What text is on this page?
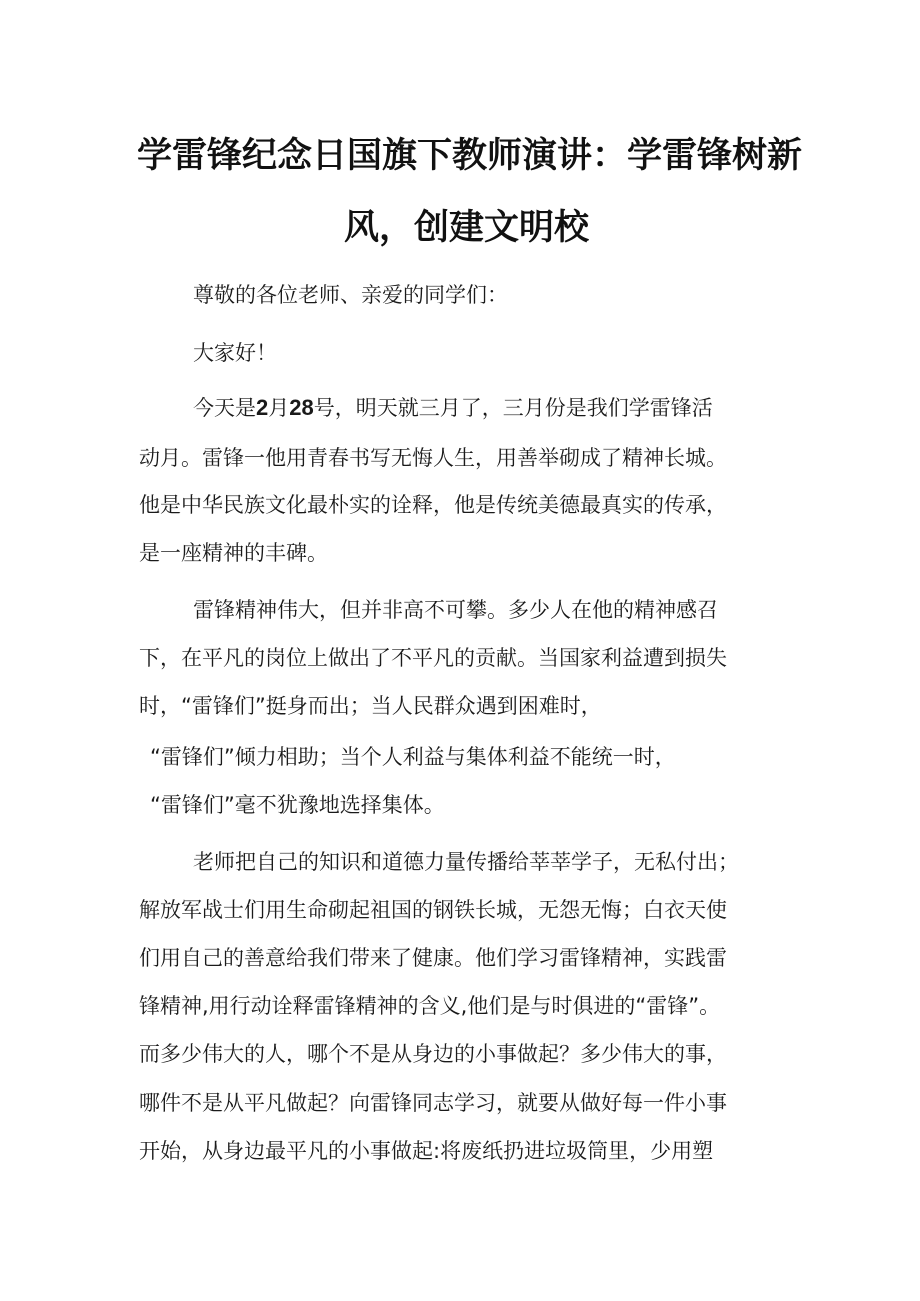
学雷锋纪念日国旗下教师演讲：学雷锋树新
风，创建文明校
尊敬的各位老师、亲爱的同学们：
大家好！
今天是2月28号，明天就三月了，三月份是我们学雷锋活
动月。雷锋一他用青春书写无悔人生，用善举砌成了精神长城。
他是中华民族文化最朴实的诠释，他是传统美德最真实的传承，
是一座精神的丰碑。
雷锋精神伟大，但并非高不可攀。多少人在他的精神感召
下，在平凡的岗位上做出了不平凡的贡献。当国家利益遭到损失
时，“雷锋们”挺身而出；当人民群众遇到困难时，
“雷锋们”倾力相助；当个人利益与集体利益不能统一时，
“雷锋们”毫不犹豫地选择集体。
老师把自己的知识和道德力量传播给莘莘学子，无私付出；
解放军战士们用生命砌起祖国的钢铁长城，无怨无悔；白衣天使
们用自己的善意给我们带来了健康。他们学习雷锋精神，实践雷
锋精神,用行动诠释雷锋精神的含义,他们是与时俱进的“雷锋”。
而多少伟大的人，哪个不是从身边的小事做起？多少伟大的事，
哪件不是从平凡做起？向雷锋同志学习，就要从做好每一件小事
开始，从身边最平凡的小事做起:将废纸扔进垃圾筒里，少用塑
